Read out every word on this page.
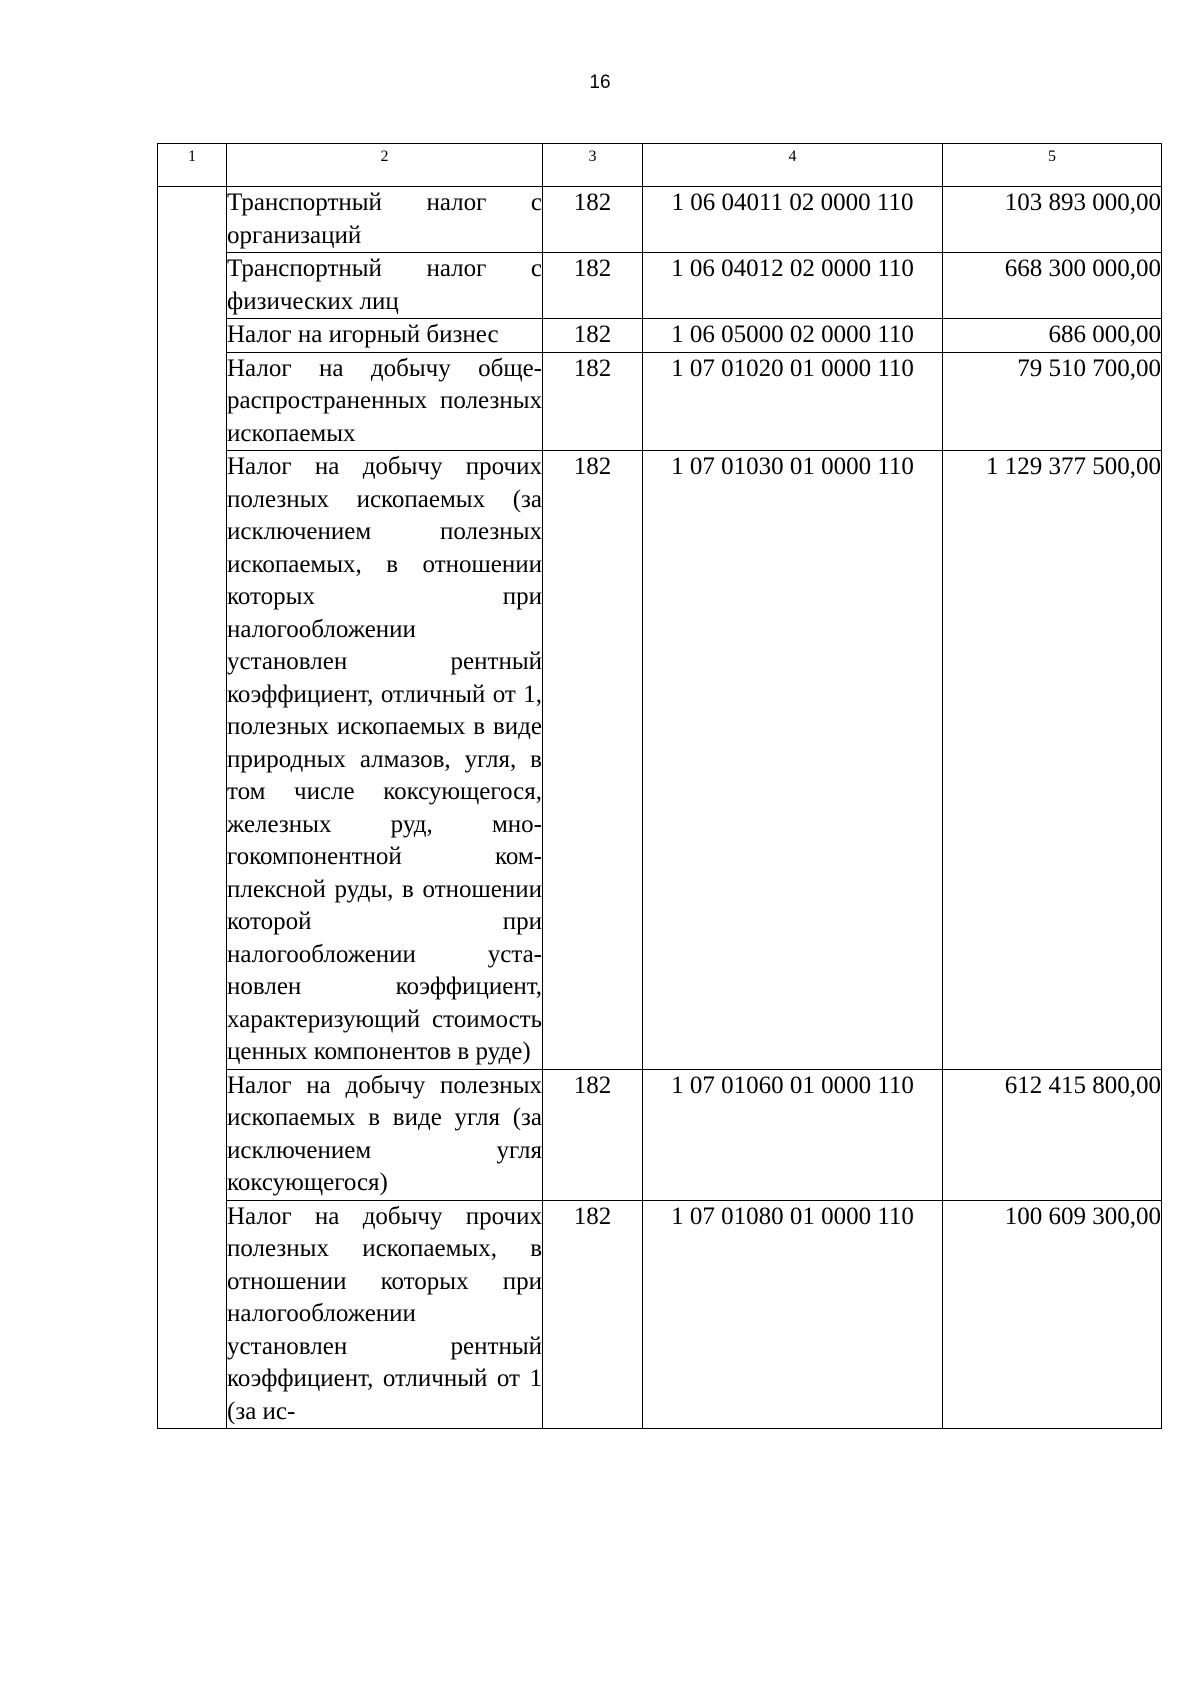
16
1	2	3	4	5
	Транспортный налог с организаций	182	1 06 04011 02 0000 110	103 893 000,00
	Транспортный налог с физических лиц	182	1 06 04012 02 0000 110	668 300 000,00
	Налог на игорный бизнес	182	1 06 05000 02 0000 110	686 000,00
	Налог на добычу общераспространенных полезных ископаемых	182	1 07 01020 01 0000 110	79 510 700,00
	Налог на добычу прочих полезных ископаемых (за исключением полезных ископаемых, в отношении которых при налогообложении установлен рентный коэффициент, отличный от 1, полезных ископаемых в виде природных алмазов, угля, в том числе коксующегося, железных руд, многокомпонентной комплексной руды, в отношении которой при налогообложении установлен коэффициент, характеризующий стоимость ценных компонентов в руде)	182	1 07 01030 01 0000 110	1 129 377 500,00
	Налог на добычу полезных ископаемых в виде угля (за исключением угля коксующегося)	182	1 07 01060 01 0000 110	612 415 800,00
	Налог на добычу прочих полезных ископаемых, в отношении которых при налогообложении установлен рентный коэффициент, отличный от 1 (за ис-	182	1 07 01080 01 0000 110	100 609 300,00
